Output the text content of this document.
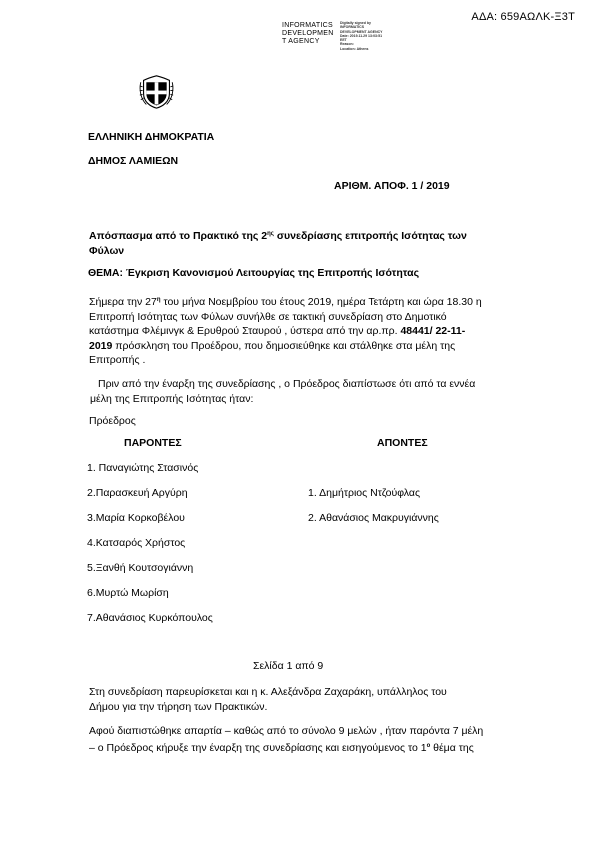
ΑΔΑ: 659ΑΩΛΚ-Ξ3Τ
INFORMATICS
DEVELOPMEN
T AGENCY
Digitally signed by
INFORMATICS
DEVELOPMENT AGENCY
Date: 2019.11.29 13:03:51
EET
Reason:
Location: Athens
ΕΛΛΗΝΙΚΗ ΔΗΜΟΚΡΑΤΙΑ
ΔΗΜΟΣ ΛΑΜΙΕΩΝ
ΑΡΙΘΜ. ΑΠΟΦ. 1 / 2019
Απόσπασμα από το Πρακτικό της $2^{\eta\varsigma}$ συνεδρίασης επιτροπής Ισότητας των
Φύλων
ΘΕΜΑ: Έγκριση Κανονισμού Λειτουργίας της Επιτροπής Ισότητας
Σήμερα την $27^\eta$ του μήνα Νοεμβρίου του έτους 2019, ημέρα Τετάρτη και ώρα 18.30 η
Επιτροπή Ισότητας των Φύλων συνήλθε σε τακτική συνεδρίαση στο Δημοτικό
κατάστημα Φλέμινγκ & Ερυθρού Σταυρού , ύστερα από την αρ.πρ. 48441/ 22-11-
2019 πρόσκληση του Προέδρου, που δημοσιεύθηκε και στάλθηκε στα μέλη της
Επιτροπής .
Πριν από την έναρξη της συνεδρίασης , ο Πρόεδρος διαπίστωσε ότι από τα εννέα
μέλη της Επιτροπής Ισότητας ήταν:
Πρόεδρος
ΠΑΡΟΝΤΕΣ	ΑΠΟΝΤΕΣ
1. Παναγιώτης Στασινός
2.Παρασκευή Αργύρη
3.Μαρία Κορκοβέλου
4.Κατσαρός Χρήστος
5.Ξανθή Κουτσογιάννη
6.Μυρτώ Μωρίση
7.Αθανάσιος Κυρκόπουλος
1. Δημήτριος Ντζούφλας
2. Αθανάσιος Μακρυγιάννης
Σελίδα 1 από 9
Στη συνεδρίαση παρευρίσκεται και η κ. Αλεξάνδρα Ζαχαράκη, υπάλληλος του
Δήμου για την τήρηση των Πρακτικών.
Αφού διαπιστώθηκε απαρτία – καθώς από το σύνολο 9 μελών , ήταν παρόντα 7 μέλη
– ο Πρόεδρος κήρυξε την έναρξη της συνεδρίασης και εισηγούμενος το $1^o$ θέμα της
